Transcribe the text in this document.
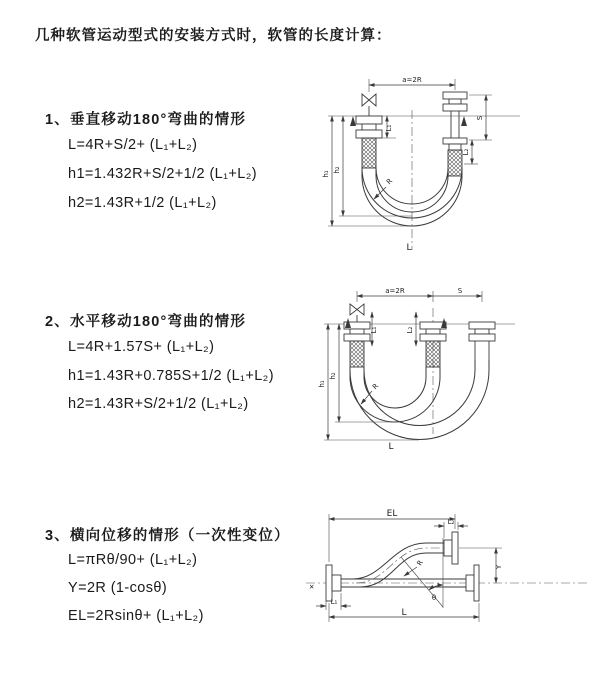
几种软管运动型式的安装方式时，软管的长度计算：
1、垂直移动180°弯曲的情形
L=4R+S/2+ (L₁+L₂)
h1=1.432R+S/2+1/2 (L₁+L₂)
h2=1.43R+1/2 (L₁+L₂)
2、水平移动180°弯曲的情形
L=4R+1.57S+ (L₁+L₂)
h1=1.43R+0.785S+1/2 (L₁+L₂)
h2=1.43R+S/2+1/2 (L₁+L₂)
3、横向位移的情形（一次性变位）
L=πRθ/90+ (L₁+L₂)
Y=2R (1-cosθ)
EL=2Rsinθ+ (L₁+L₂)
a=2R
L₁
S
L₂
h₁
h₂
R
L
a=2R	S
L₁	L₂
h₁
h₂
R
L
✕
θ
R
EL
L₂
Y
L₁
L
